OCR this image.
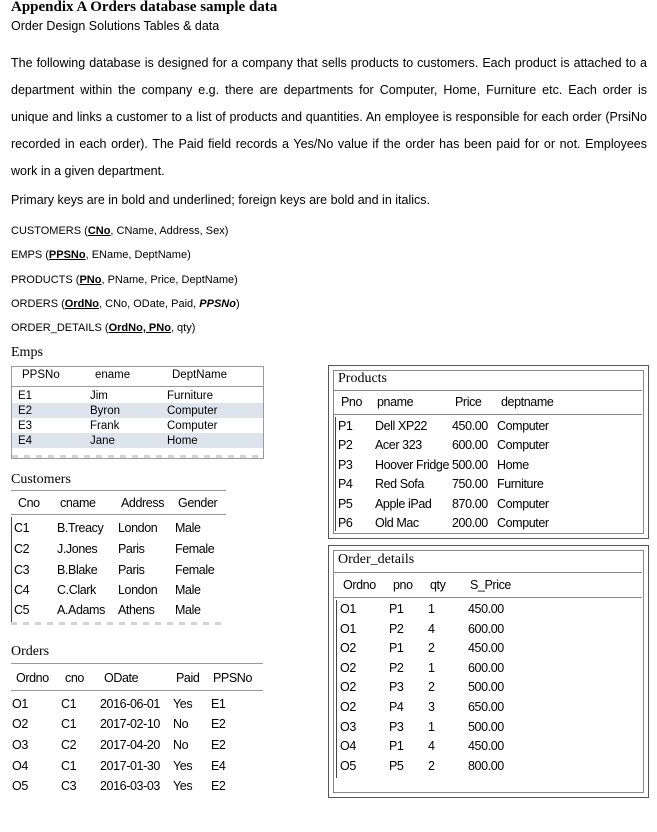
Appendix A Orders database sample data
Order Design Solutions Tables & data

The following database is designed for a company that sells products to customers. Each product is attached to a department within the company e.g. there are departments for Computer, Home, Furniture etc. Each order is unique and links a customer to a list of products and quantities. An employee is responsible for each order (PrsiNo recorded in each order). The Paid field records a Yes/No value if the order has been paid for or not. Employees work in a given department.

Primary keys are in bold and underlined; foreign keys are bold and in italics.
CUSTOMERS (CNo, CName, Address, Sex)
EMPS (PPSNo, EName, DeptName)
PRODUCTS (PNo, PName, Price, DeptName)
ORDERS (OrdNo, CNo, ODate, Paid, PPSNo)
ORDER_DETAILS (OrdNo, PNo, qty)
Emps
PPSNo	ename	DeptName
E1	Jim	Furniture
E2	Byron	Computer
E3	Frank	Computer
E4	Jane	Home
Customers
Cno cname Address Gender
C1 B.Treacy London Male
C2 J.Jones Paris Female
C3 B.Blake Paris Female
C4 C.Clark London Male
C5 A.Adams Athens Male
Orders
Ordno cno ODate	Paid PPSNo
O1	C1 2016-06-01 Yes E1
O2	C1 2017-02-10 No E2
O3	C2 2017-04-20 No E2
O4	C1 2017-01-30 Yes E4
O5	C3 2016-03-03 Yes E2
Products
Pno pname	Price deptname
P1 Dell XP22 450.00 Computer
P2 Acer 323 600.00 Computer
P3 Hoover Fridge 500.00 Home
P4 Red Sofa 750.00 Furniture
P5 Apple iPad 870.00 Computer
P6 Old Mac	200.00 Computer
Order_details
Ordno pno qty S_Price
O1	P1 1	450.00
O1	P2 4	600.00
O2	P1 2	450.00
O2	P2 1	600.00
O2	P3 2	500.00
O2	P4 3	650.00
O3	P3 1	500.00
O4	P1 4	450.00
O5	P5 2	800.00
